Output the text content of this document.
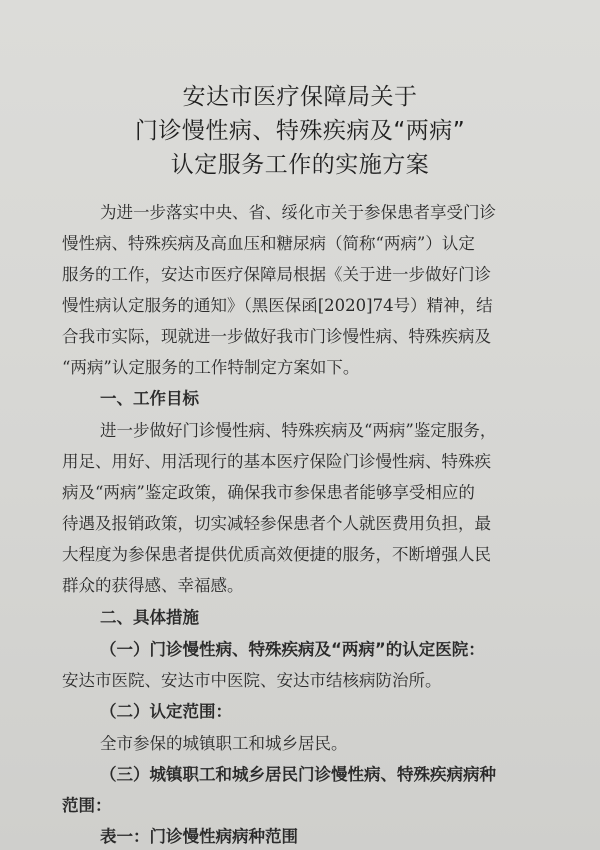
安达市医疗保障局关于
门诊慢性病、特殊疾病及“两病”
认定服务工作的实施方案
为进一步落实中央、省、绥化市关于参保患者享受门诊
慢性病、特殊疾病及高血压和糖尿病（简称“两病”）认定
服务的工作，安达市医疗保障局根据《关于进一步做好门诊
慢性病认定服务的通知》（黑医保函[2020]74号）精神，结
合我市实际，现就进一步做好我市门诊慢性病、特殊疾病及
“两病”认定服务的工作特制定方案如下。
一、工作目标
进一步做好门诊慢性病、特殊疾病及“两病”鉴定服务，
用足、用好、用活现行的基本医疗保险门诊慢性病、特殊疾
病及“两病”鉴定政策，确保我市参保患者能够享受相应的
待遇及报销政策，切实减轻参保患者个人就医费用负担，最
大程度为参保患者提供优质高效便捷的服务，不断增强人民
群众的获得感、幸福感。
二、具体措施
（一）门诊慢性病、特殊疾病及“两病”的认定医院：
安达市医院、安达市中医院、安达市结核病防治所。
（二）认定范围：
全市参保的城镇职工和城乡居民。
（三）城镇职工和城乡居民门诊慢性病、特殊疾病病种
范围：
表一：门诊慢性病病种范围
